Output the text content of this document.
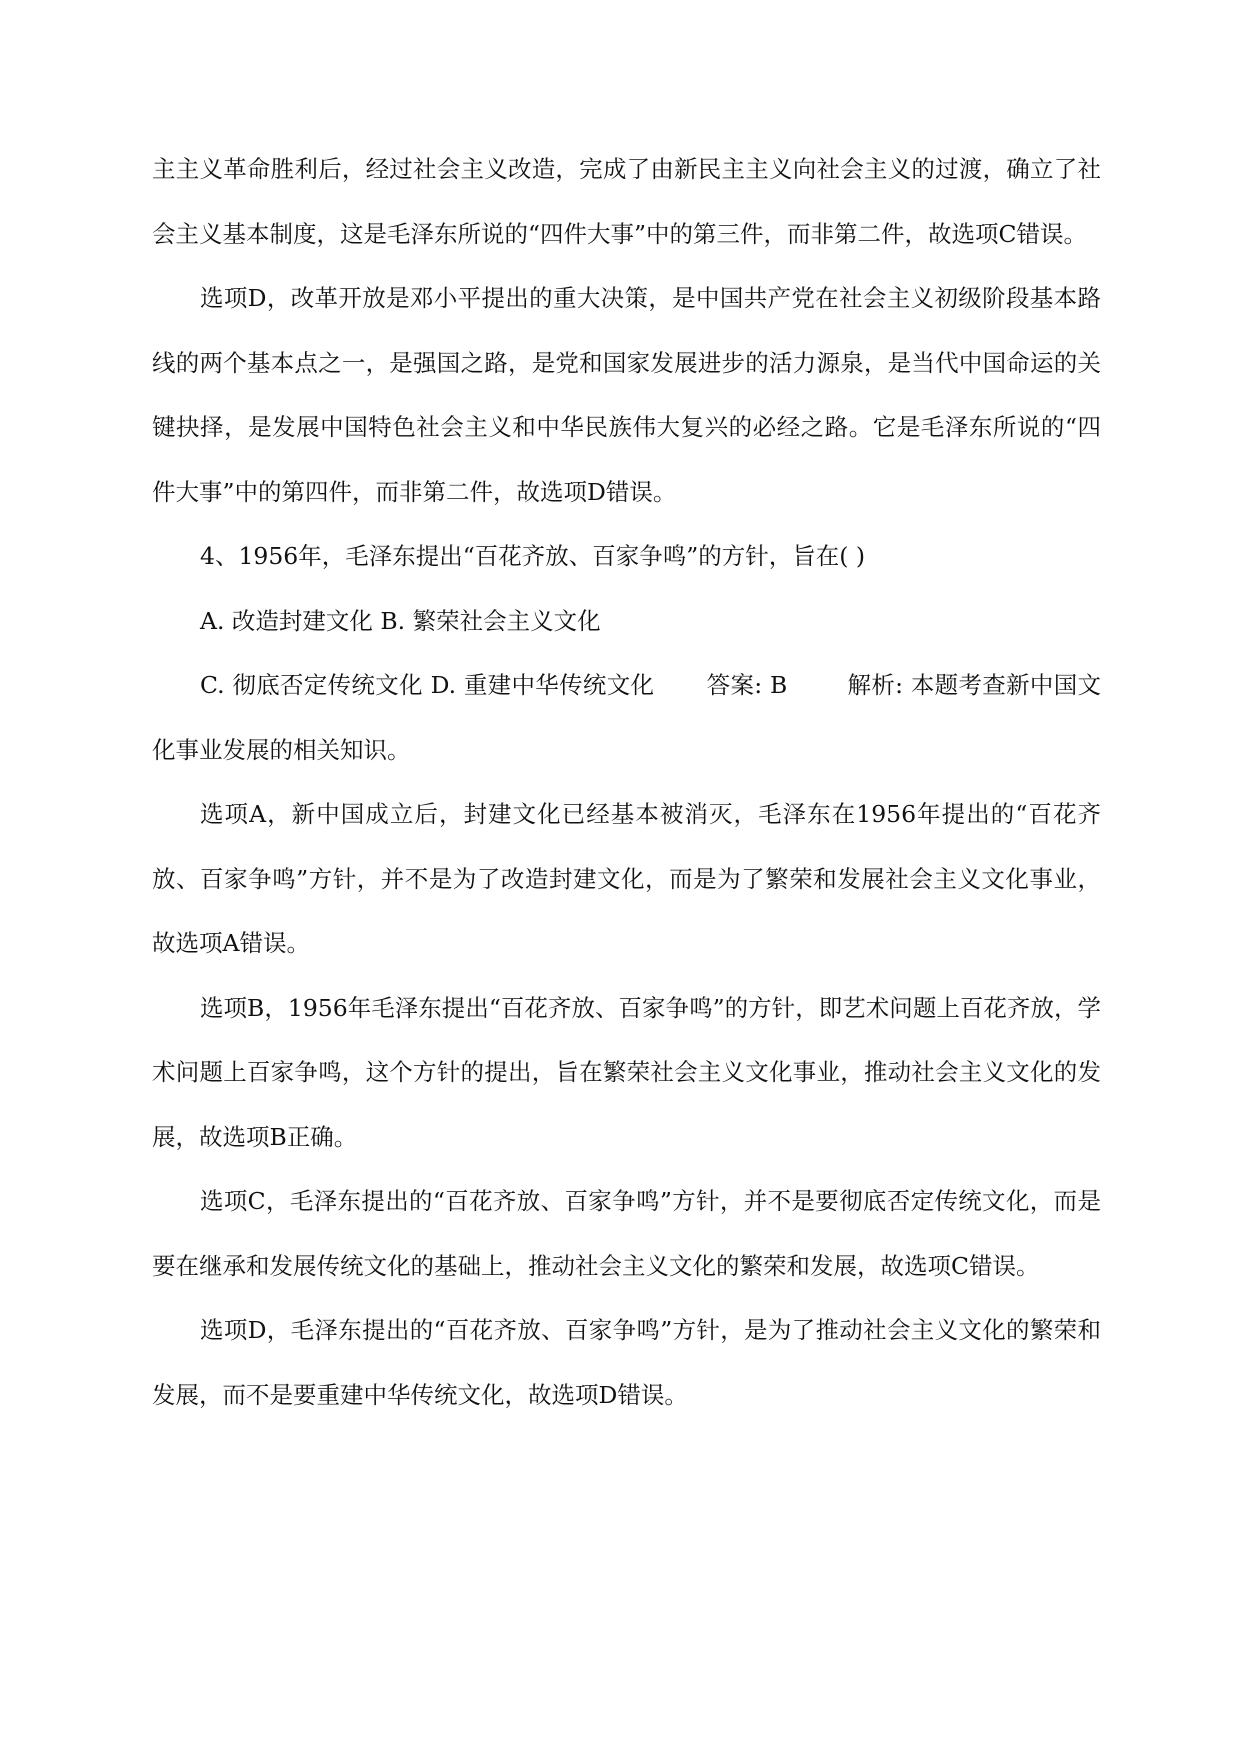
主主义革命胜利后，经过社会主义改造，完成了由新民主主义向社会主义的过渡，确立了社会主义基本制度，这是毛泽东所说的“四件大事”中的第三件，而非第二件，故选项C错误。

选项D，改革开放是邓小平提出的重大决策，是中国共产党在社会主义初级阶段基本路线的两个基本点之一，是强国之路，是党和国家发展进步的活力源泉，是当代中国命运的关键抉择，是发展中国特色社会主义和中华民族伟大复兴的必经之路。它是毛泽东所说的“四件大事”中的第四件，而非第二件，故选项D错误。

4、1956年，毛泽东提出“百花齐放、百家争鸣”的方针，旨在( )

A. 改造封建文化 B. 繁荣社会主义文化

C. 彻底否定传统文化 D. 重建中华传统文化 答案: B	解析: 本题考查新中国文化事业发展的相关知识。

选项A，新中国成立后，封建文化已经基本被消灭，毛泽东在1956年提出的“百花齐放、百家争鸣”方针，并不是为了改造封建文化，而是为了繁荣和发展社会主义文化事业，故选项A错误。

选项B，1956年毛泽东提出“百花齐放、百家争鸣”的方针，即艺术问题上百花齐放，学术问题上百家争鸣，这个方针的提出，旨在繁荣社会主义文化事业，推动社会主义文化的发展，故选项B正确。

选项C，毛泽东提出的“百花齐放、百家争鸣”方针，并不是要彻底否定传统文化，而是要在继承和发展传统文化的基础上，推动社会主义文化的繁荣和发展，故选项C错误。

选项D，毛泽东提出的“百花齐放、百家争鸣”方针，是为了推动社会主义文化的繁荣和发展，而不是要重建中华传统文化，故选项D错误。
